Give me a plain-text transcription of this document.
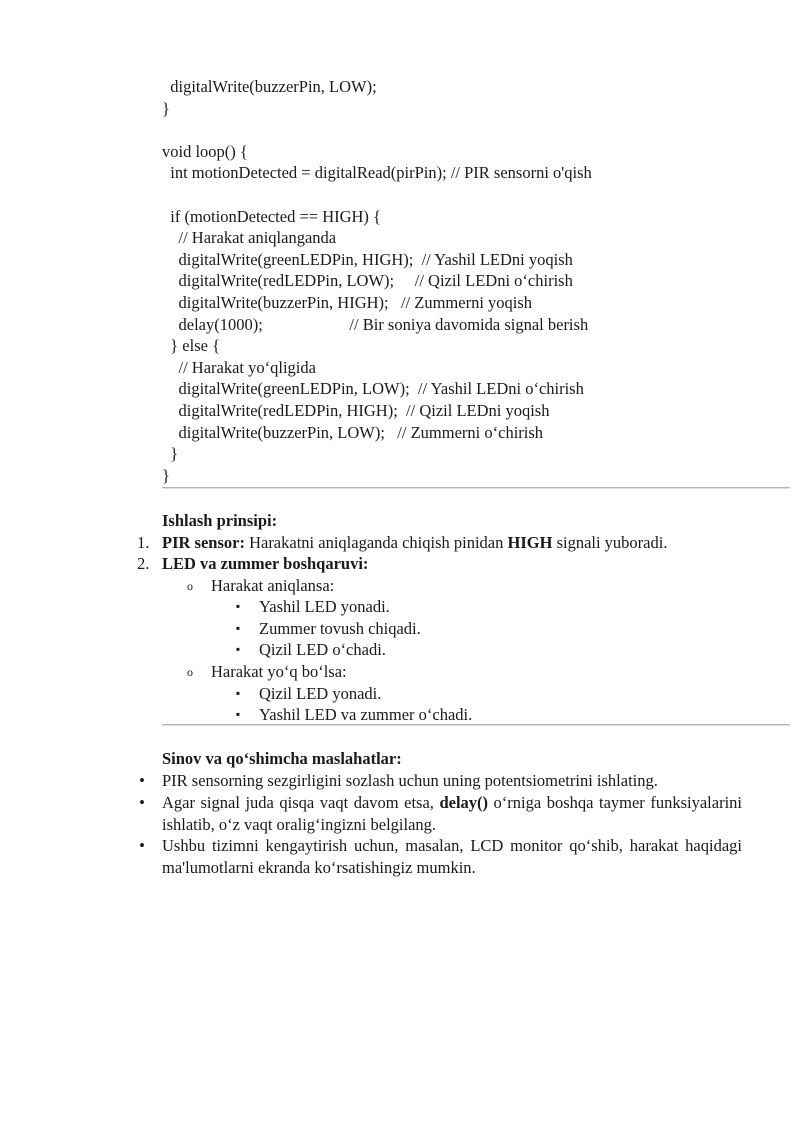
digitalWrite(buzzerPin, LOW);
}
void loop() {
int motionDetected = digitalRead(pirPin); // PIR sensorni o'qish
if (motionDetected == HIGH) {
// Harakat aniqlanganda
digitalWrite(greenLEDPin, HIGH);  // Yashil LEDni yoqish
digitalWrite(redLEDPin, LOW);     // Qizil LEDni o‘chirish
digitalWrite(buzzerPin, HIGH);   // Zummerni yoqish
delay(1000);                     // Bir soniya davomida signal berish
} else {
// Harakat yo‘qligida
digitalWrite(greenLEDPin, LOW);  // Yashil LEDni o‘chirish
digitalWrite(redLEDPin, HIGH);  // Qizil LEDni yoqish
digitalWrite(buzzerPin, LOW);   // Zummerni o‘chirish
}
}
Ishlash prinsipi:
1. PIR sensor: Harakatni aniqlaganda chiqish pinidan HIGH signali yuboradi.
2. LED va zummer boshqaruvi:
o Harakat aniqlansa:
▪ Yashil LED yonadi.
▪ Zummer tovush chiqadi.
▪ Qizil LED o‘chadi.
o Harakat yo‘q bo‘lsa:
▪ Qizil LED yonadi.
▪ Yashil LED va zummer o‘chadi.
Sinov va qo‘shimcha maslahatlar:
•	PIR sensorning sezgirligini sozlash uchun uning potentsiometrini ishlating.
•	Agar signal juda qisqa vaqt davom etsa, delay() o‘rniga boshqa taymer funksiyalarini ishlatib, o‘z vaqt oralig‘ingizni belgilang.
•	Ushbu tizimni kengaytirish uchun, masalan, LCD monitor qo‘shib, harakat haqidagi ma'lumotlarni ekranda ko‘rsatishingiz mumkin.
